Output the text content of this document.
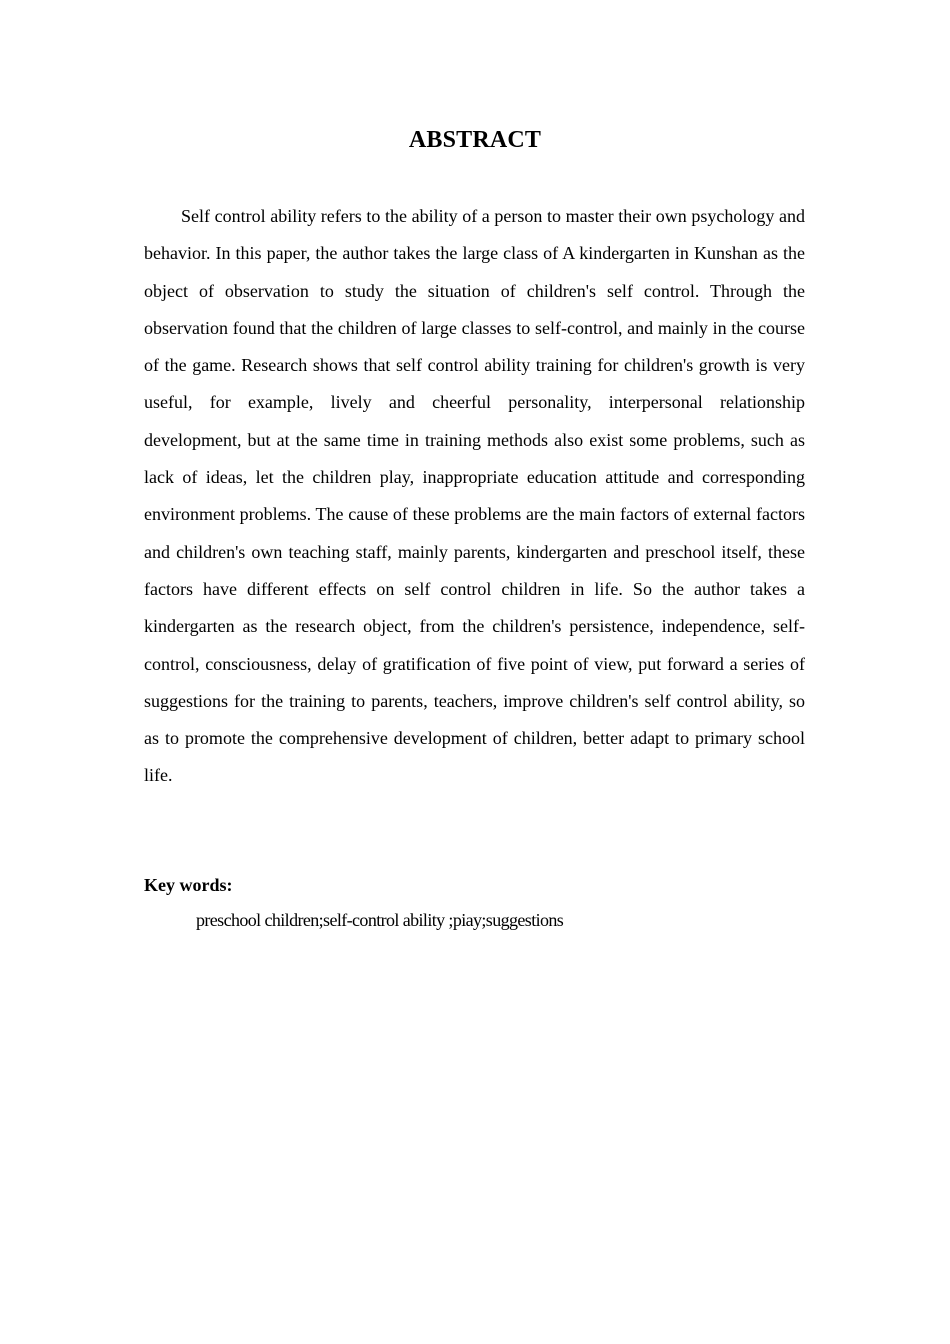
ABSTRACT

Self control ability refers to the ability of a person to master their own psychology and behavior. In this paper, the author takes the large class of A kindergarten in Kunshan as the object of observation to study the situation of children's self control. Through the observation found that the children of large classes to self-control, and mainly in the course of the game. Research shows that self control ability training for children's growth is very useful, for example, lively and cheerful personality, interpersonal relationship development, but at the same time in training methods also exist some problems, such as lack of ideas, let the children play, inappropriate education attitude and corresponding environment problems. The cause of these problems are the main factors of external factors and children's own teaching staff, mainly parents, kindergarten and preschool itself, these factors have different effects on self control children in life. So the author takes a kindergarten as the research object, from the children's persistence, independence, self-control, consciousness, delay of gratification of five point of view, put forward a series of suggestions for the training to parents, teachers, improve children's self control ability, so as to promote the comprehensive development of children, better adapt to primary school life.

Key words:

preschool children;self-control ability ;piay;suggestions
